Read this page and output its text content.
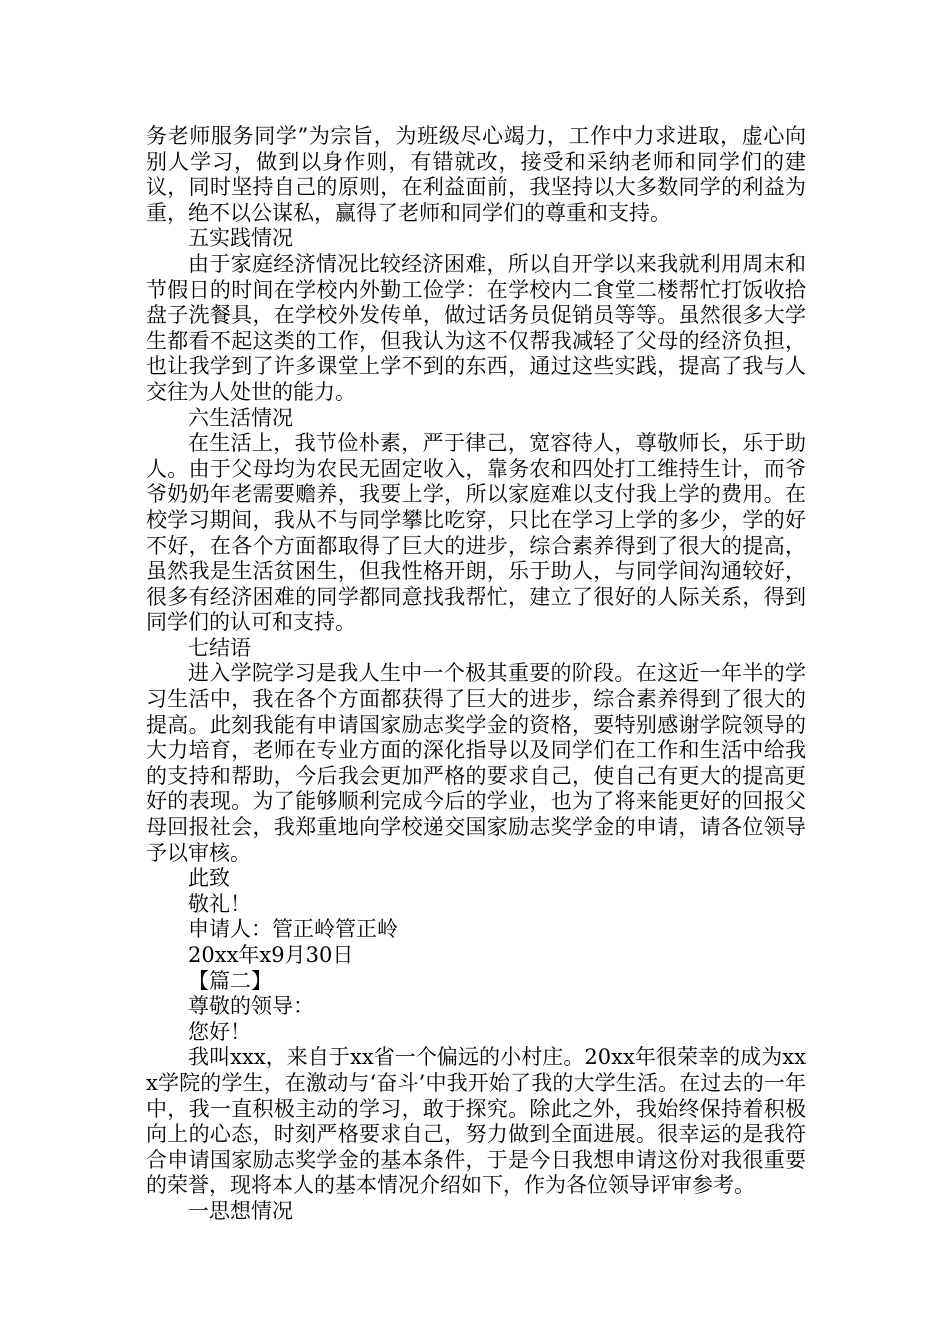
务老师服务同学”为宗旨，为班级尽心竭力，工作中力求进取，虚心向别人学习，做到以身作则，有错就改，接受和采纳老师和同学们的建议，同时坚持自己的原则，在利益面前，我坚持以大多数同学的利益为重，绝不以公谋私，赢得了老师和同学们的尊重和支持。

五实践情况

由于家庭经济情况比较经济困难，所以自开学以来我就利用周末和节假日的时间在学校内外勤工俭学：在学校内二食堂二楼帮忙打饭收拾盘子洗餐具，在学校外发传单，做过话务员促销员等等。虽然很多大学生都看不起这类的工作，但我认为这不仅帮我减轻了父母的经济负担，也让我学到了许多课堂上学不到的东西，通过这些实践，提高了我与人交往为人处世的能力。

六生活情况

在生活上，我节俭朴素，严于律己，宽容待人，尊敬师长，乐于助人。由于父母均为农民无固定收入，靠务农和四处打工维持生计，而爷爷奶奶年老需要赡养，我要上学，所以家庭难以支付我上学的费用。在校学习期间，我从不与同学攀比吃穿，只比在学习上学的多少，学的好不好，在各个方面都取得了巨大的进步，综合素养得到了很大的提高，虽然我是生活贫困生，但我性格开朗，乐于助人，与同学间沟通较好，很多有经济困难的同学都同意找我帮忙，建立了很好的人际关系，得到同学们的认可和支持。

七结语

进入学院学习是我人生中一个极其重要的阶段。在这近一年半的学习生活中，我在各个方面都获得了巨大的进步，综合素养得到了很大的提高。此刻我能有申请国家励志奖学金的资格，要特别感谢学院领导的大力培育，老师在专业方面的深化指导以及同学们在工作和生活中给我的支持和帮助，今后我会更加严格的要求自己，使自己有更大的提高更好的表现。为了能够顺利完成今后的学业，也为了将来能更好的回报父母回报社会，我郑重地向学校递交国家励志奖学金的申请，请各位领导予以审核。

此致

敬礼！

申请人：管正岭管正岭

20xx年x9月30日

【篇二】

尊敬的领导：

您好！

我叫xxx，来自于xx省一个偏远的小村庄。20xx年很荣幸的成为xxx学院的学生，在激动与‘奋斗’中我开始了我的大学生活。在过去的一年中，我一直积极主动的学习，敢于探究。除此之外，我始终保持着积极向上的心态，时刻严格要求自己，努力做到全面进展。很幸运的是我符合申请国家励志奖学金的基本条件，于是今日我想申请这份对我很重要的荣誉，现将本人的基本情况介绍如下，作为各位领导评审参考。

一思想情况
